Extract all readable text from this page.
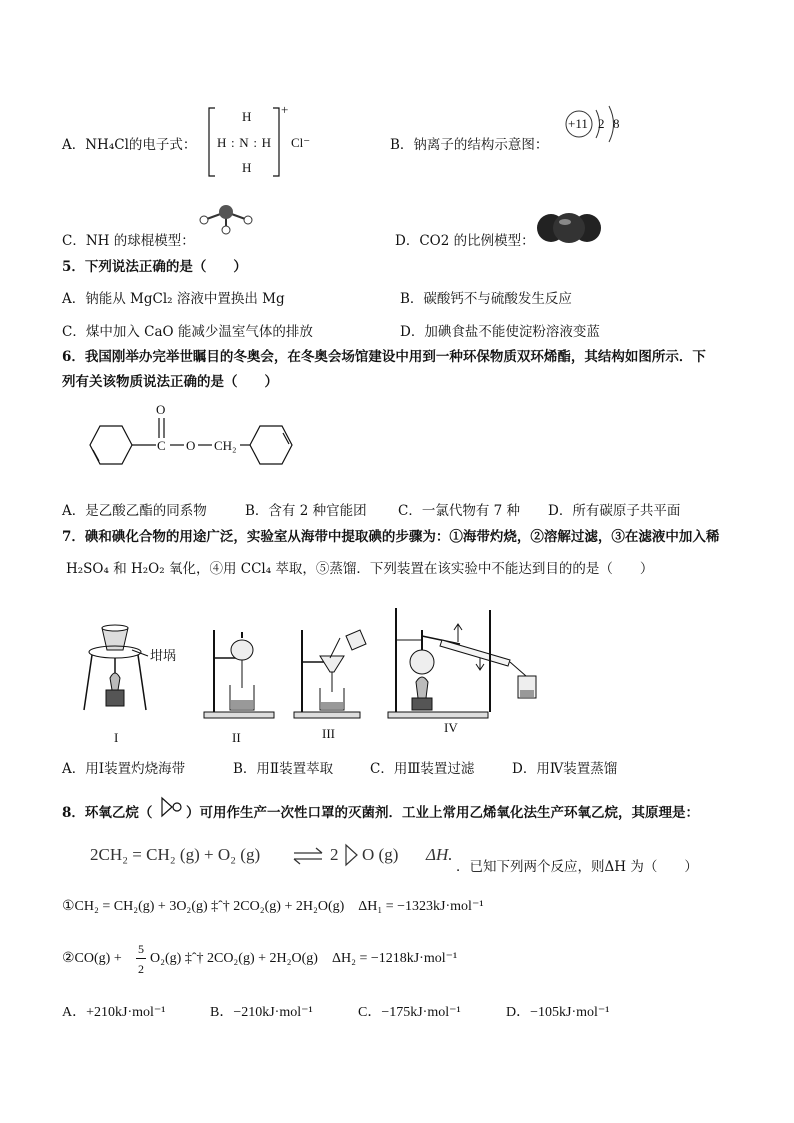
A．NH₄Cl的电子式：
H
H:N:H
H
+
Cl⁻	B．钠离子的结构示意图：
+11 2 8
C．NH 的球棍模型：	D．CO2 的比例模型：
5．下列说法正确的是（　　）
A．钠能从 MgCl₂ 溶液中置换出 Mg	B．碳酸钙不与硫酸发生反应
C．煤中加入 CaO 能减少温室气体的排放	D．加碘食盐不能使淀粉溶液变蓝
6．我国刚举办完举世瞩目的冬奥会，在冬奥会场馆建设中用到一种环保物质双环烯酯，其结构如图所示．下
列有关该物质说法正确的是（　　）
C
O
O CH₂
A．是乙酸乙酯的同系物	B．含有 2 种官能团 C．一氯代物有 7 种 D．所有碳原子共平面
7．碘和碘化合物的用途广泛，实验室从海带中提取碘的步骤为：①海带灼烧，②溶解过滤，③在滤液中加入稀
H₂SO₄ 和 H₂O₂ 氧化，④用 CCl₄ 萃取，⑤蒸馏．下列装置在该实验中不能达到目的的是（　　）
坩埚
I	II	III	IV
A．用Ⅰ装置灼烧海带	B．用Ⅱ装置萃取	C．用Ⅲ装置过滤	D．用Ⅳ装置蒸馏
8．环氧乙烷（ ）可用作生产一次性口罩的灭菌剂．工业上常用乙烯氧化法生产环氧乙烷，其原理是：
2CH₂ = CH₂ (g) + O₂ (g) ⇌ 2 O (g) ΔH.
．已知下列两个反应，则ΔH 为（　　）
①CH₂ = CH₂(g) + 3O₂(g) ‡ˆ† 2CO₂(g) + 2H₂O(g)　ΔH₁ = −1323kJ·mol⁻¹
②CO(g) +
5
2
O₂(g) ‡ˆ† 2CO₂(g) + 2H₂O(g)　ΔH₂ = −1218kJ·mol⁻¹
A．+210kJ·mol⁻¹	B．−210kJ·mol⁻¹	C．−175kJ·mol⁻¹	D．−105kJ·mol⁻¹
